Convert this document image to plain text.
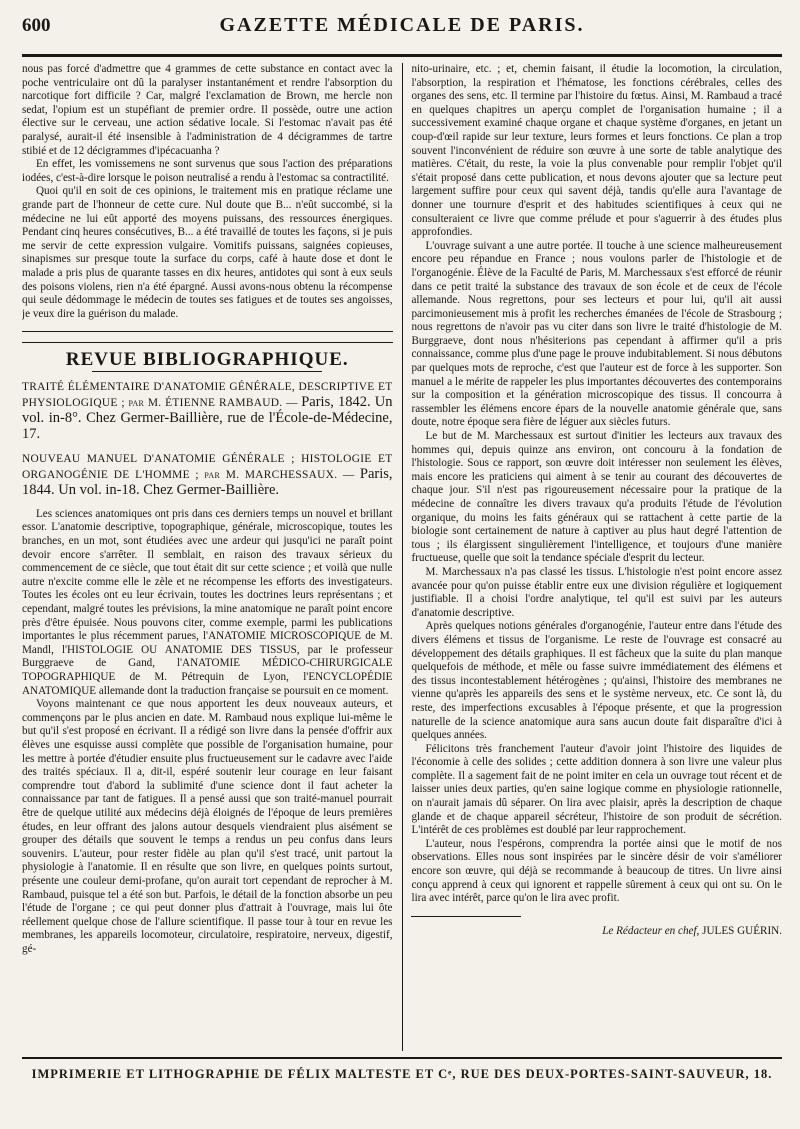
600	GAZETTE MÉDICALE DE PARIS.

nous pas forcé d'admettre que 4 grammes de cette substance en contact avec la poche ventriculaire ont dû la paralyser instantanément et rendre l'absorption du narcotique fort difficile ? Car, malgré l'exclamation de Brown, me hercle non sedat, l'opium est un stupéfiant de premier ordre. Il possède, outre une action élective sur le cerveau, une action sédative locale. Si l'estomac n'avait pas été paralysé, aurait-il été insensible à l'administration de 4 décigrammes de tartre stibié et de 12 décigrammes d'ipécacuanha ?

En effet, les vomissemens ne sont survenus que sous l'action des préparations iodées, c'est-à-dire lorsque le poison neutralisé a rendu à l'estomac sa contractilité.

Quoi qu'il en soit de ces opinions, le traitement mis en pratique réclame une grande part de l'honneur de cette cure. Nul doute que B... n'eût succombé, si la médecine ne lui eût apporté des moyens puissans, des ressources énergiques. Pendant cinq heures consécutives, B... a été travaillé de toutes les façons, si je puis me servir de cette expression vulgaire. Vomitifs puissans, saignées copieuses, sinapismes sur presque toute la surface du corps, café à haute dose et dont le malade a pris plus de quarante tasses en dix heures, antidotes qui sont à eux seuls des poisons violens, rien n'a été épargné. Aussi avons-nous obtenu la récompense qui seule dédommage le médecin de toutes ses fatigues et de toutes ses angoisses, je veux dire la guérison du malade.

REVUE BIBLIOGRAPHIQUE.
TRAITÉ ÉLÉMENTAIRE D'ANATOMIE GÉNÉRALE, DESCRIPTIVE ET PHYSIOLOGIQUE ; par M. ÉTIENNE RAMBAUD. — Paris, 1842. Un vol. in-8°. Chez Germer-Baillière, rue de l'École-de-Médecine, 17.
NOUVEAU MANUEL D'ANATOMIE GÉNÉRALE ; HISTOLOGIE ET ORGANOGÉNIE DE L'HOMME ; par M. MARCHESSAUX. — Paris, 1844. Un vol. in-18. Chez Germer-Baillière.

Les sciences anatomiques ont pris dans ces derniers temps un nouvel et brillant essor. L'anatomie descriptive, topographique, générale, microscopique, toutes les branches, en un mot, sont étudiées avec une ardeur qui jusqu'ici ne paraît point devoir encore s'arrêter. Il semblait, en raison des travaux sérieux du commencement de ce siècle, que tout était dit sur cette science ; et voilà que nulle autre n'excite comme elle le zèle et ne récompense les efforts des investigateurs. Toutes les écoles ont eu leur écrivain, toutes les doctrines leurs représentans ; et cependant, malgré toutes les prévisions, la mine anatomique ne paraît point encore près d'être épuisée. Nous pouvons citer, comme exemple, parmi les publications importantes le plus récemment parues, l'ANATOMIE MICROSCOPIQUE de M. Mandl, l'HISTOLOGIE OU ANATOMIE DES TISSUS, par le professeur Burggraeve de Gand, l'ANATOMIE MÉDICO-CHIRURGICALE TOPOGRAPHIQUE de M. Pétrequin de Lyon, l'ENCYCLOPÉDIE ANATOMIQUE allemande dont la traduction française se poursuit en ce moment.

Voyons maintenant ce que nous apportent les deux nouveaux auteurs, et commençons par le plus ancien en date. M. Rambaud nous explique lui-même le but qu'il s'est proposé en écrivant. Il a rédigé son livre dans la pensée d'offrir aux élèves une esquisse aussi complète que possible de l'organisation humaine, pour les mettre à portée d'étudier ensuite plus fructueusement sur le cadavre avec l'aide des traités spéciaux. Il a, dit-il, espéré soutenir leur courage en leur faisant comprendre tout d'abord la sublimité d'une science dont il faut acheter la connaissance par tant de fatigues. Il a pensé aussi que son traité-manuel pourrait être de quelque utilité aux médecins déjà éloignés de l'époque de leurs premières études, en leur offrant des jalons autour desquels viendraient plus aisément se grouper des détails que souvent le temps a rendus un peu confus dans leurs souvenirs. L'auteur, pour rester fidèle au plan qu'il s'est tracé, unit partout la physiologie à l'anatomie. Il en résulte que son livre, en quelques points surtout, présente une couleur demi-profane, qu'on aurait tort cependant de reprocher à M. Rambaud, puisque tel a été son but. Parfois, le détail de la fonction absorbe un peu l'étude de l'organe ; ce qui peut donner plus d'attrait à l'ouvrage, mais lui ôte réellement quelque chose de l'allure scientifique. Il passe tour à tour en revue les membranes, les appareils locomoteur, circulatoire, respiratoire, nerveux, digestif, gé-

nito-urinaire, etc. ; et, chemin faisant, il étudie la locomotion, la circulation, l'absorption, la respiration et l'hématose, les fonctions cérébrales, celles des organes des sens, etc. Il termine par l'histoire du fœtus. Ainsi, M. Rambaud a tracé en quelques chapitres un aperçu complet de l'organisation humaine ; il a successivement examiné chaque organe et chaque système d'organes, en jetant un coup-d'œil rapide sur leur texture, leurs formes et leurs fonctions. Ce plan a trop souvent l'inconvénient de réduire son œuvre à une sorte de table analytique des matières. C'était, du reste, la voie la plus convenable pour remplir l'objet qu'il s'était proposé dans cette publication, et nous devons ajouter que sa lecture peut largement suffire pour ceux qui savent déjà, tandis qu'elle aura l'avantage de donner une tournure d'esprit et des habitudes scientifiques à ceux qui ne consulteraient ce livre que comme prélude et pour s'aguerrir à des études plus approfondies.

L'ouvrage suivant a une autre portée. Il touche à une science malheureusement encore peu répandue en France ; nous voulons parler de l'histologie et de l'organogénie. Élève de la Faculté de Paris, M. Marchessaux s'est efforcé de réunir dans ce petit traité la substance des travaux de son école et de ceux de l'école allemande. Nous regrettons, pour ses lecteurs et pour lui, qu'il ait aussi parcimonieusement mis à profit les recherches émanées de l'école de Strasbourg ; nous regrettons de n'avoir pas vu citer dans son livre le traité d'histologie de M. Burggraeve, dont nous n'hésiterions pas cependant à affirmer qu'il a pris connaissance, comme plus d'une page le prouve indubitablement. Si nous débutons par quelques mots de reproche, c'est que l'auteur est de force à les supporter. Son manuel a le mérite de rappeler les plus importantes découvertes des contemporains sur la composition et la génération microscopique des tissus. Il concourra à rassembler les élémens encore épars de la nouvelle anatomie générale que, sans doute, notre époque sera fière de léguer aux siècles futurs.

Le but de M. Marchessaux est surtout d'initier les lecteurs aux travaux des hommes qui, depuis quinze ans environ, ont concouru à la fondation de l'histologie. Sous ce rapport, son œuvre doit intéresser non seulement les élèves, mais encore les praticiens qui aiment à se tenir au courant des découvertes de chaque jour. S'il n'est pas rigoureusement nécessaire pour la pratique de la médecine de connaître les divers travaux qu'a produits l'étude de l'évolution organique, du moins les faits généraux qui se rattachent à cette partie de la biologie sont certainement de nature à captiver au plus haut degré l'attention de tous ; ils élargissent singulièrement l'intelligence, et toujours d'une manière fructueuse, quelle que soit la tendance spéciale d'esprit du lecteur.

M. Marchessaux n'a pas classé les tissus. L'histologie n'est point encore assez avancée pour qu'on puisse établir entre eux une division régulière et logiquement justifiable. Il a choisi l'ordre analytique, tel qu'il est suivi par les auteurs d'anatomie descriptive.

Après quelques notions générales d'organogénie, l'auteur entre dans l'étude des divers élémens et tissus de l'organisme. Le reste de l'ouvrage est consacré au développement des détails graphiques. Il est fâcheux que la suite du plan manque quelquefois de méthode, et mêle ou fasse suivre immédiatement des élémens et des tissus incontestablement hétérogènes ; qu'ainsi, l'histoire des membranes ne vienne qu'après les appareils des sens et le système nerveux, etc. Ce sont là, du reste, des imperfections excusables à l'époque présente, et que la progression naturelle de la science anatomique aura sans aucun doute fait disparaître d'ici à quelques années.

Félicitons très franchement l'auteur d'avoir joint l'histoire des liquides de l'économie à celle des solides ; cette addition donnera à son livre une valeur plus complète. Il a sagement fait de ne point imiter en cela un ouvrage tout récent et de laisser unies deux parties, qu'en saine logique comme en physiologie rationnelle, on n'aurait jamais dû séparer. On lira avec plaisir, après la description de chaque glande et de chaque appareil sécréteur, l'histoire de son produit de sécrétion. L'intérêt de ces problèmes est doublé par leur rapprochement.

L'auteur, nous l'espérons, comprendra la portée ainsi que le motif de nos observations. Elles nous sont inspirées par le sincère désir de voir s'améliorer encore son œuvre, qui déjà se recommande à beaucoup de titres. Un livre ainsi conçu apprend à ceux qui ignorent et rappelle sûrement à ceux qui ont su. On le lira avec intérêt, parce qu'on le lira avec profit.

Le Rédacteur en chef, JULES GUÉRIN.
IMPRIMERIE ET LITHOGRAPHIE DE FÉLIX MALTESTE ET Cᵉ, RUE DES DEUX-PORTES-SAINT-SAUVEUR, 18.
